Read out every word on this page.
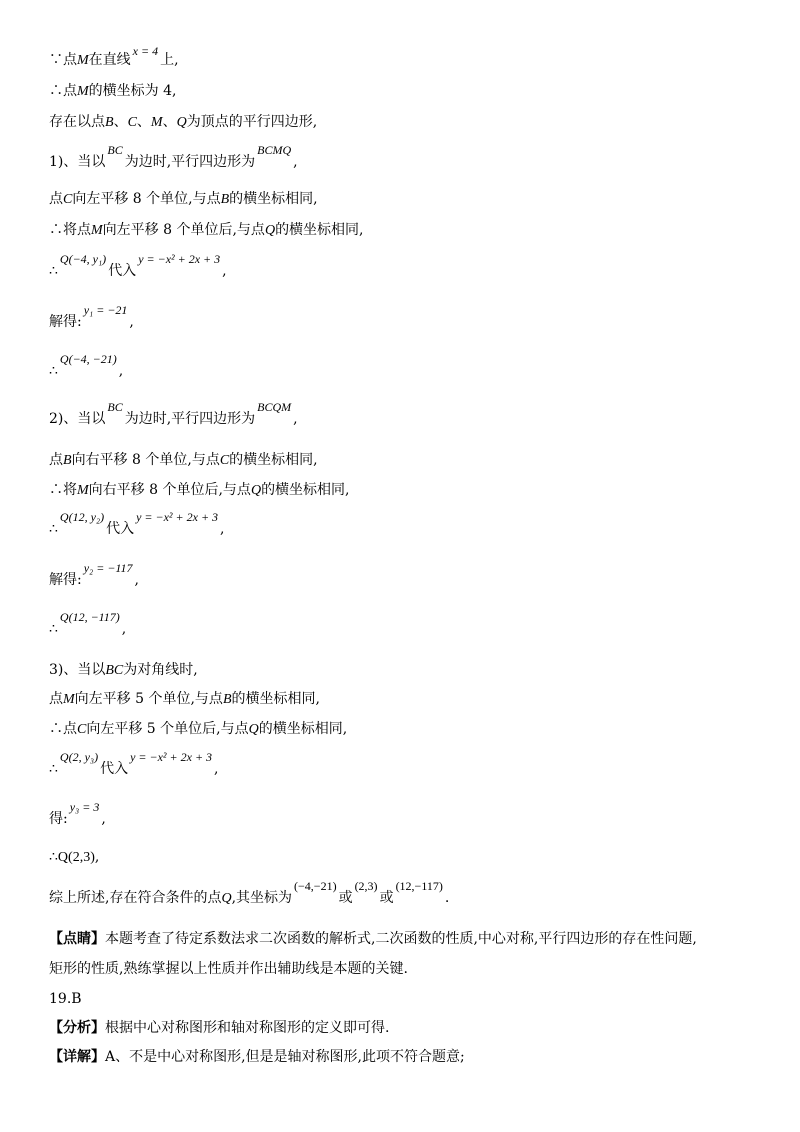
∵点M在直线x = 4上,
∴点M的横坐标为 4,
存在以点B、C、M、Q为顶点的平行四边形,
1)、当以BC为边时,平行四边形为BCMQ,
点C向左平移 8 个单位,与点B的横坐标相同,
∴将点M向左平移 8 个单位后,与点Q的横坐标相同,
∴Q(−4, y₁)代入y = −x² + 2x + 3,
解得:y₁ = −21,
∴Q(−4, −21),
2)、当以BC为边时,平行四边形为BCQM,
点B向右平移 8 个单位,与点C的横坐标相同,
∴将M向右平移 8 个单位后,与点Q的横坐标相同,
∴Q(12, y₂)代入y = −x² + 2x + 3,
解得:y₂ = −117,
∴Q(12, −117),
3)、当以BC为对角线时,
点M向左平移 5 个单位,与点B的横坐标相同,
∴点C向左平移 5 个单位后,与点Q的横坐标相同,
∴Q(2, y₃)代入y = −x² + 2x + 3,
得:y₃ = 3,
∴Q(2,3),
综上所述,存在符合条件的点Q,其坐标为(−4,−21)或(2,3)或(12,−117).
【点睛】本题考查了待定系数法求二次函数的解析式,二次函数的性质,中心对称,平行四边形的存在性问题,
矩形的性质,熟练掌握以上性质并作出辅助线是本题的关键.
19.B
【分析】根据中心对称图形和轴对称图形的定义即可得.
【详解】A、不是中心对称图形,但是是轴对称图形,此项不符合题意;
